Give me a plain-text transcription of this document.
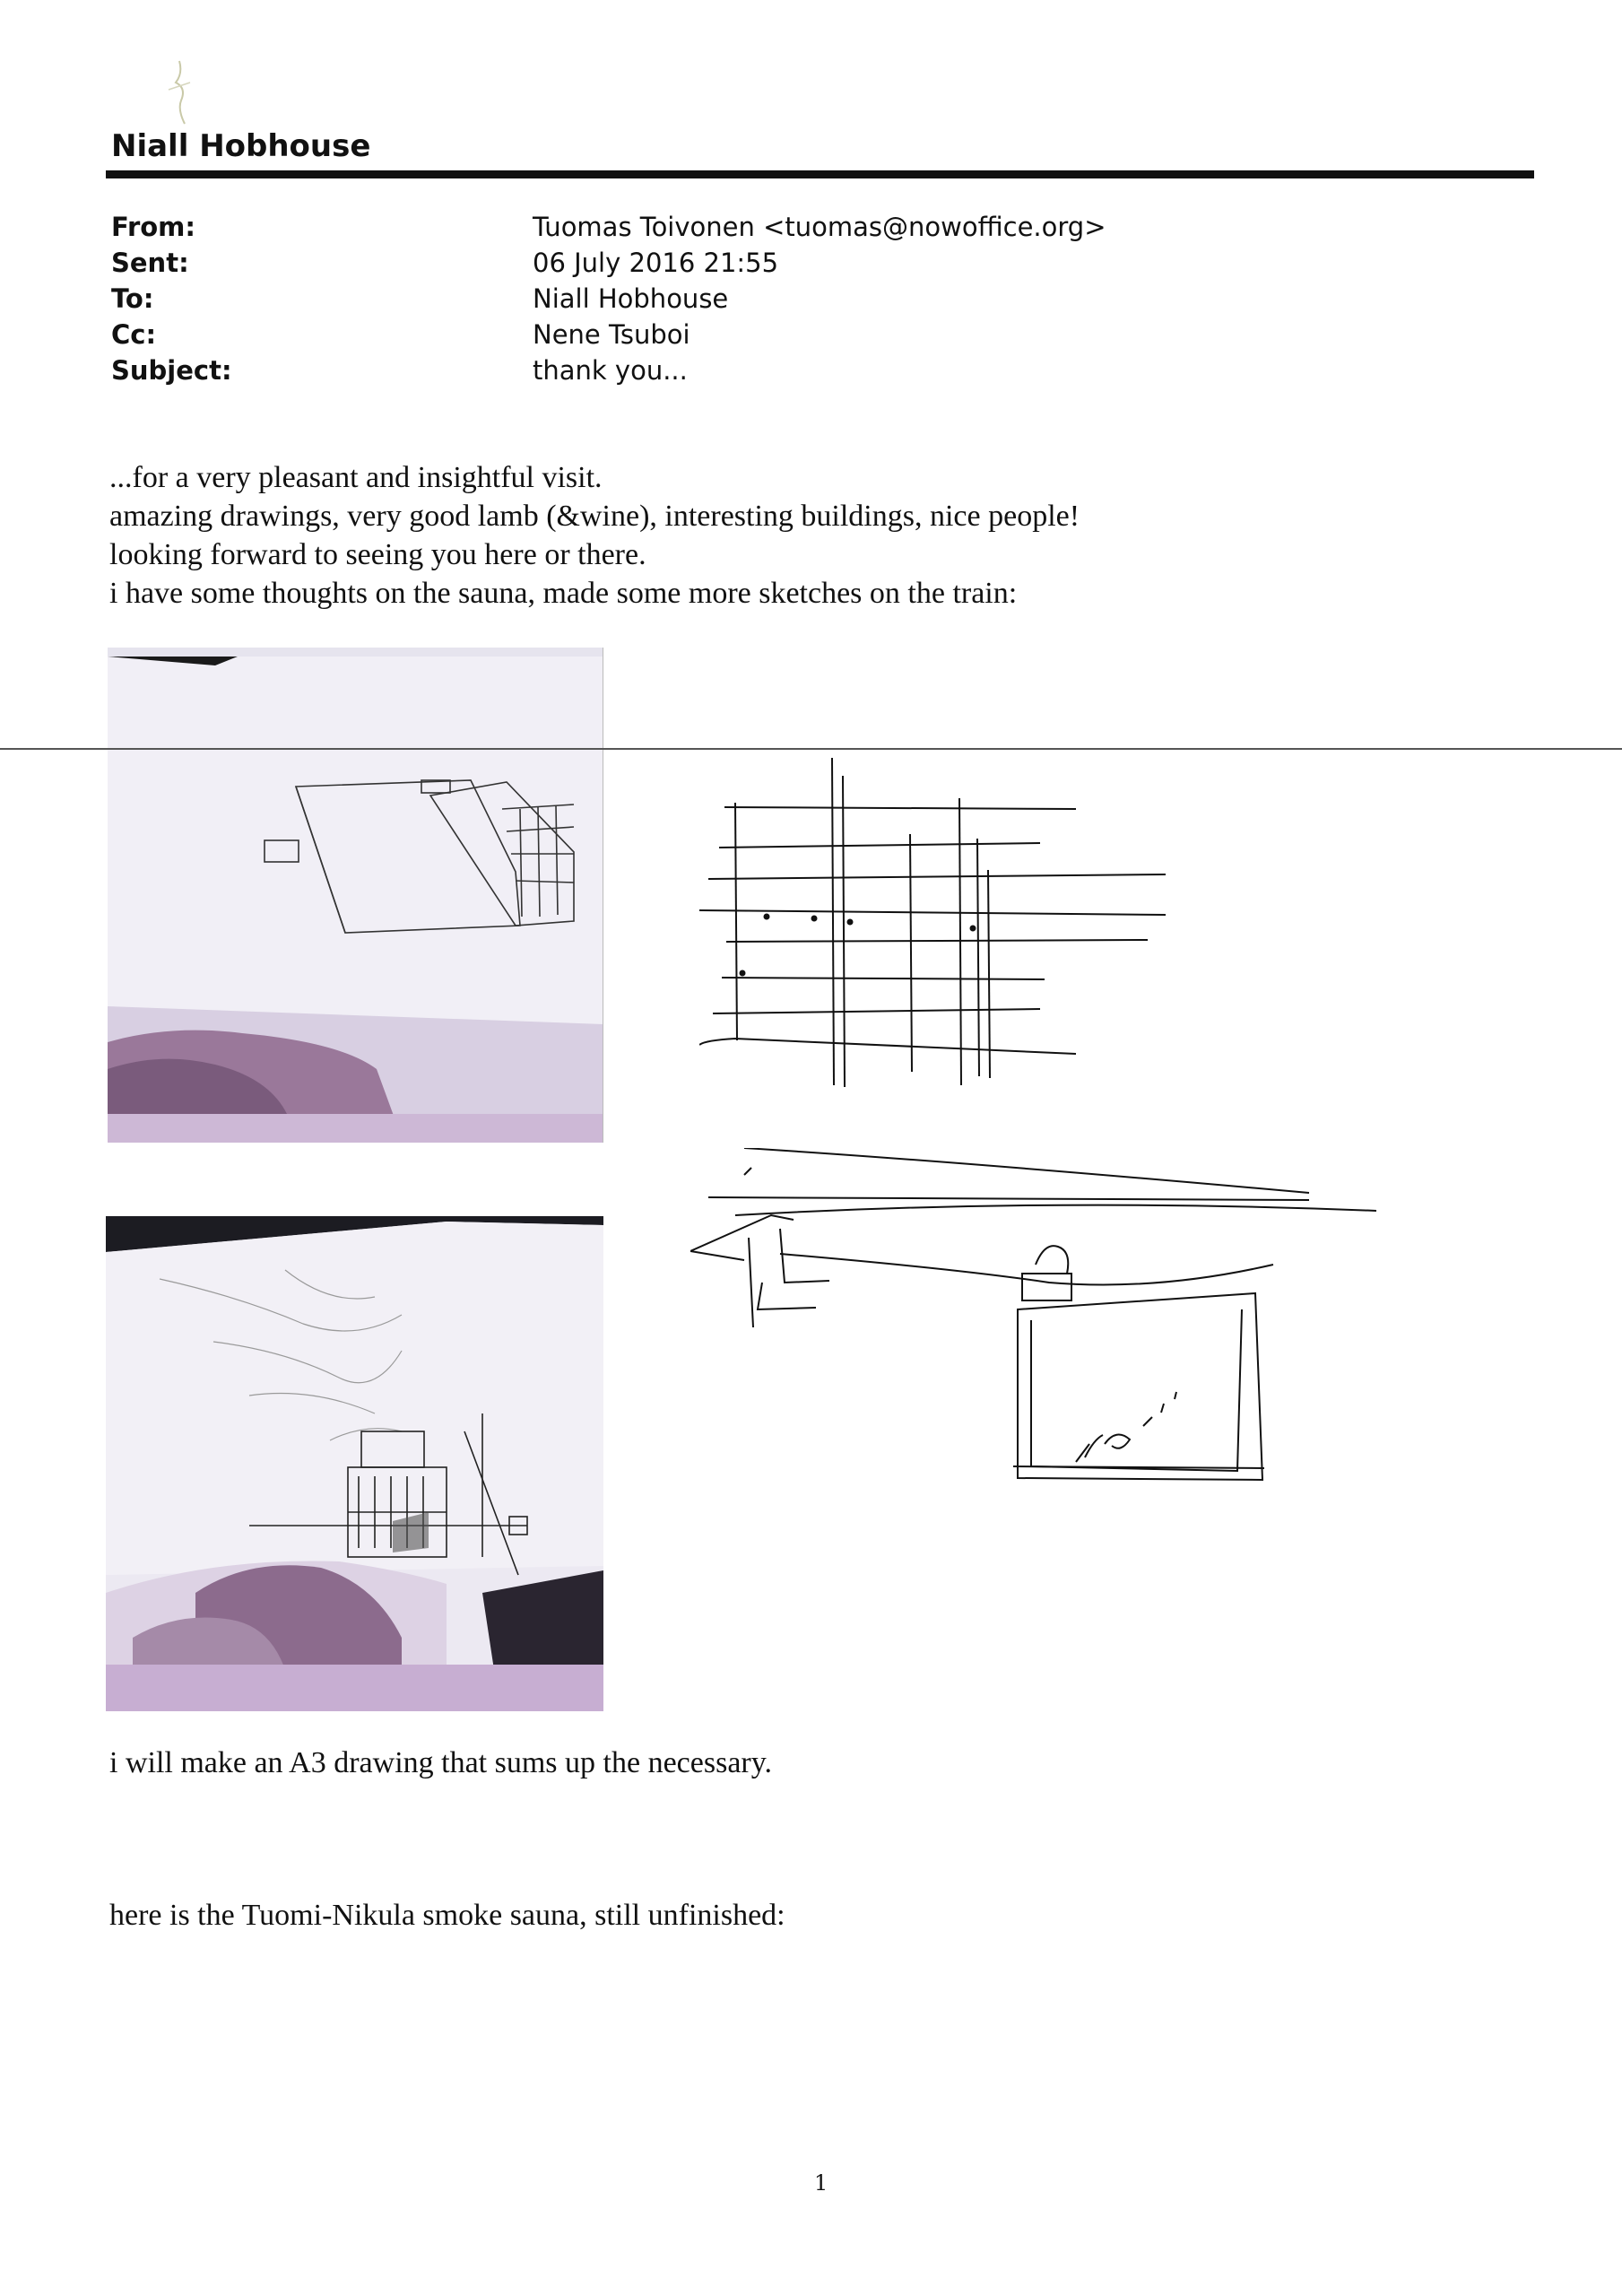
Niall Hobhouse
From:	Tuomas Toivonen <tuomas@nowoffice.org>
Sent:	06 July 2016 21:55
To:	Niall Hobhouse
Cc:	Nene Tsuboi
Subject:	thank you...
...for a very pleasant and insightful visit.
amazing drawings, very good lamb (&wine), interesting buildings, nice people!
looking forward to seeing you here or there.
i have some thoughts on the sauna, made some more sketches on the train:
i will make an A3 drawing that sums up the necessary.
here is the Tuomi-Nikula smoke sauna, still unfinished:
1
